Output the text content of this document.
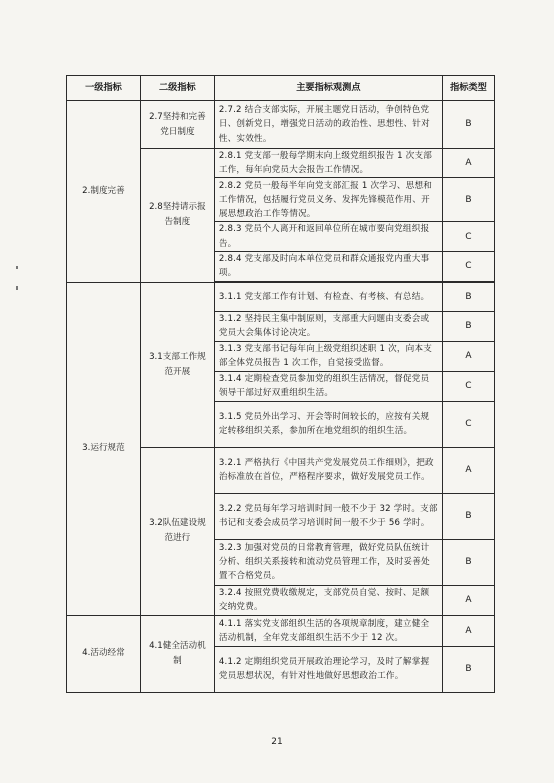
一级指标	二级指标	主要指标观测点	指标类型
2.制度完善	2.7坚持和完善党日制度	2.7.2 结合支部实际，开展主题党日活动，争创特色党日、创新党日，增强党日活动的政治性、思想性、针对性、实效性。	B
	2.8坚持请示报告制度	2.8.1 党支部一般每学期末向上级党组织报告 1 次支部工作，每年向党员大会报告工作情况。	A
		2.8.2 党员一般每半年向党支部汇报 1 次学习、思想和工作情况，包括履行党员义务、发挥先锋模范作用、开展思想政治工作等情况。	B
		2.8.3 党员个人离开和返回单位所在城市要向党组织报告。	C
		2.8.4 党支部及时向本单位党员和群众通报党内重大事项。	C

3.运行规范	3.1支部工作规范开展	3.1.1 党支部工作有计划、有检查、有考核、有总结。	B
		3.1.2 坚持民主集中制原则，支部重大问题由支委会或党员大会集体讨论决定。	B
		3.1.3 党支部书记每年向上级党组织述职 1 次，向本支部全体党员报告 1 次工作，自觉接受监督。	A
		3.1.4 定期检查党员参加党的组织生活情况，督促党员领导干部过好双重组织生活。	C
		3.1.5 党员外出学习、开会等时间较长的，应按有关规定转移组织关系，参加所在地党组织的组织生活。	C
	3.2队伍建设规范进行	3.2.1 严格执行《中国共产党发展党员工作细则》，把政治标准放在首位，严格程序要求，做好发展党员工作。	A
		3.2.2 党员每年学习培训时间一般不少于 32 学时。支部书记和支委会成员学习培训时间一般不少于 56 学时。	B
		3.2.3 加强对党员的日常教育管理，做好党员队伍统计分析、组织关系接转和流动党员管理工作，及时妥善处置不合格党员。	B
		3.2.4 按照党费收缴规定，支部党员自觉、按时、足额交纳党费。	A
4.活动经常	4.1健全活动机制	4.1.1 落实党支部组织生活的各项规章制度，建立健全活动机制，全年党支部组织生活不少于 12 次。	A
		4.1.2 定期组织党员开展政治理论学习，及时了解掌握党员思想状况，有针对性地做好思想政治工作。	B
21
